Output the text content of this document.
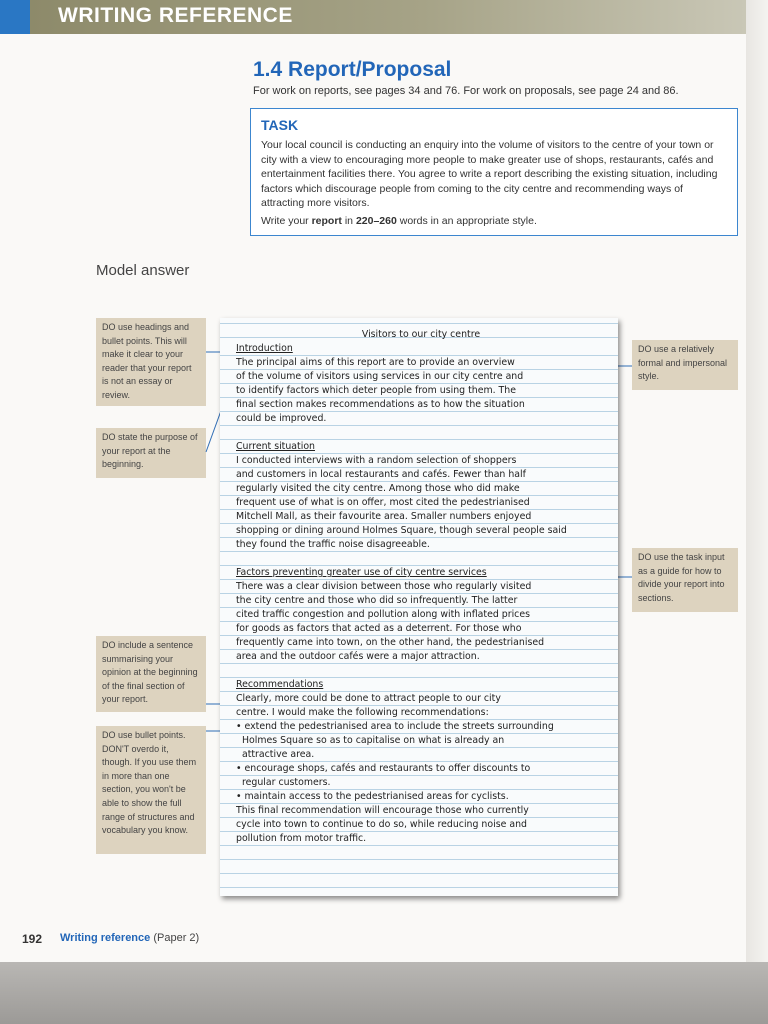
WRITING REFERENCE
1.4 Report/Proposal
For work on reports, see pages 34 and 76. For work on proposals, see page 24 and 86.
TASK
Your local council is conducting an enquiry into the volume of visitors to the centre of your town or city with a view to encouraging more people to make greater use of shops, restaurants, cafés and entertainment facilities there. You agree to write a report describing the existing situation, including factors which discourage people from coming to the city centre and recommending ways of attracting more visitors.
Write your report in 220–260 words in an appropriate style.
Model answer
DO use headings and bullet points. This will make it clear to your reader that your report is not an essay or review.
DO state the purpose of your report at the beginning.
DO include a sentence summarising your opinion at the beginning of the final section of your report.
DO use bullet points. DON'T overdo it, though. If you use them in more than one section, you won't be able to show the full range of structures and vocabulary you know.
DO use a relatively formal and impersonal style.
DO use the task input as a guide for how to divide your report into sections.
Visitors to our city centre
Introduction
The principal aims of this report are to provide an overview
of the volume of visitors using services in our city centre and
to identify factors which deter people from using them. The
final section makes recommendations as to how the situation
could be improved.
Current situation
I conducted interviews with a random selection of shoppers
and customers in local restaurants and cafés. Fewer than half
regularly visited the city centre. Among those who did make
frequent use of what is on offer, most cited the pedestrianised
Mitchell Mall, as their favourite area. Smaller numbers enjoyed
shopping or dining around Holmes Square, though several people said
they found the traffic noise disagreeable.
Factors preventing greater use of city centre services
There was a clear division between those who regularly visited
the city centre and those who did so infrequently. The latter
cited traffic congestion and pollution along with inflated prices
for goods as factors that acted as a deterrent. For those who
frequently came into town, on the other hand, the pedestrianised
area and the outdoor cafés were a major attraction.
Recommendations
Clearly, more could be done to attract people to our city
centre. I would make the following recommendations:
• extend the pedestrianised area to include the streets surrounding
Holmes Square so as to capitalise on what is already an
attractive area.
• encourage shops, cafés and restaurants to offer discounts to
regular customers.
• maintain access to the pedestrianised areas for cyclists.
This final recommendation will encourage those who currently
cycle into town to continue to do so, while reducing noise and
pollution from motor traffic.
192 Writing reference (Paper 2)
